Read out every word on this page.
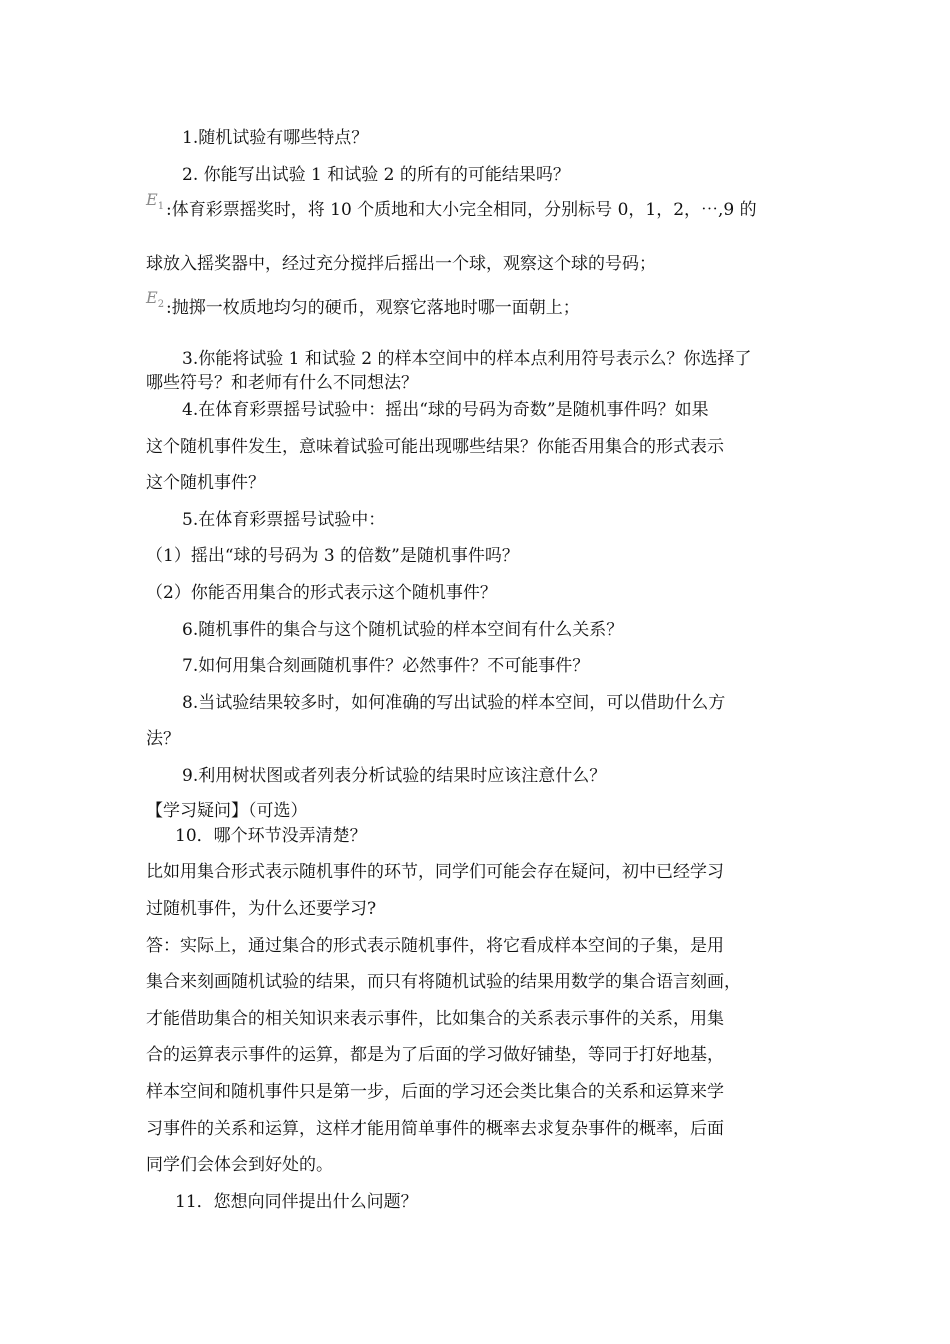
1.随机试验有哪些特点？
2. 你能写出试验 1 和试验 2 的所有的可能结果吗？
$E_1$ :体育彩票摇奖时，将 10 个质地和大小完全相同，分别标号 0，1，2，⋯,9 的
球放入摇奖器中，经过充分搅拌后摇出一个球，观察这个球的号码；
$E_2$ :抛掷一枚质地均匀的硬币，观察它落地时哪一面朝上；
3.你能将试验 1 和试验 2 的样本空间中的样本点利用符号表示么？你选择了
哪些符号？和老师有什么不同想法？
4.在体育彩票摇号试验中：摇出“球的号码为奇数”是随机事件吗？如果
这个随机事件发生，意味着试验可能出现哪些结果？你能否用集合的形式表示
这个随机事件？
5.在体育彩票摇号试验中：
（1）摇出“球的号码为 3 的倍数”是随机事件吗？
（2）你能否用集合的形式表示这个随机事件？
6.随机事件的集合与这个随机试验的样本空间有什么关系？
7.如何用集合刻画随机事件？必然事件？不可能事件？
8.当试验结果较多时，如何准确的写出试验的样本空间，可以借助什么方
法？
9.利用树状图或者列表分析试验的结果时应该注意什么？
【学习疑问】（可选）
10．哪个环节没弄清楚？
比如用集合形式表示随机事件的环节，同学们可能会存在疑问，初中已经学习
过随机事件，为什么还要学习?
答：实际上，通过集合的形式表示随机事件，将它看成样本空间的子集，是用
集合来刻画随机试验的结果，而只有将随机试验的结果用数学的集合语言刻画，
才能借助集合的相关知识来表示事件，比如集合的关系表示事件的关系，用集
合的运算表示事件的运算，都是为了后面的学习做好铺垫，等同于打好地基，
样本空间和随机事件只是第一步，后面的学习还会类比集合的关系和运算来学
习事件的关系和运算，这样才能用简单事件的概率去求复杂事件的概率，后面
同学们会体会到好处的。
11．您想向同伴提出什么问题？
